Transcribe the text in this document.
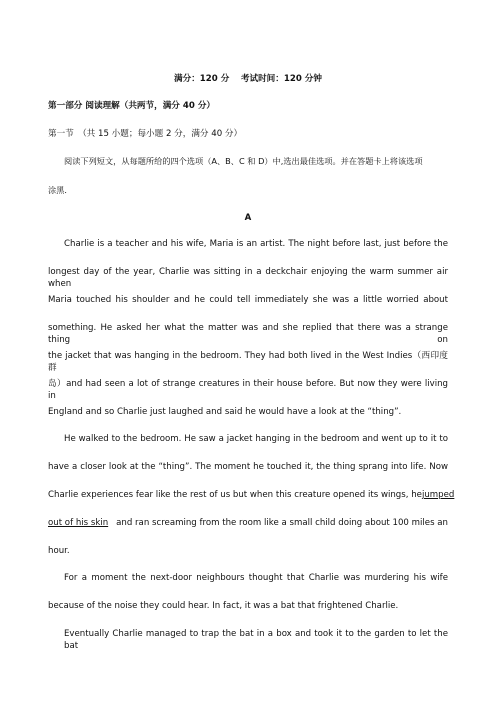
满分：120 分　 考试时间：120 分钟
第一部分 阅读理解（共两节，满分 40 分）
第一节　（共 15 小题；每小题 2 分，满分 40 分）
阅读下列短文，从每题所给的四个选项（A、B、C 和 D）中,选出最佳选项。并在答题卡上将该选项
涂黑．
A
Charlie is a teacher and his wife, Maria is an artist. The night before last, just before the
longest day of the year, Charlie was sitting in a deckchair enjoying the warm summer air when
Maria touched his shoulder and he could tell immediately she was a little worried about
something. He asked her what the matter was and she replied that there was a strange thing on
the jacket that was hanging in the bedroom. They had both lived in the West Indies（西印度群
岛）and had seen a lot of strange creatures in their house before. But now they were living in
England and so Charlie just laughed and said he would have a look at the “thing”.
He walked to the bedroom. He saw a jacket hanging in the bedroom and went up to it to
have a closer look at the “thing”. The moment he touched it, the thing sprang into life. Now
Charlie experiences fear like the rest of us but when this creature opened its wings, he jumped
out of his skin and ran screaming from the room like a small child doing about 100 miles an
hour.
For a moment the next-door neighbours thought that Charlie was murdering his wife
because of the noise they could hear. In fact, it was a bat that frightened Charlie.
Eventually Charlie managed to trap the bat in a box and took it to the garden to let the bat
